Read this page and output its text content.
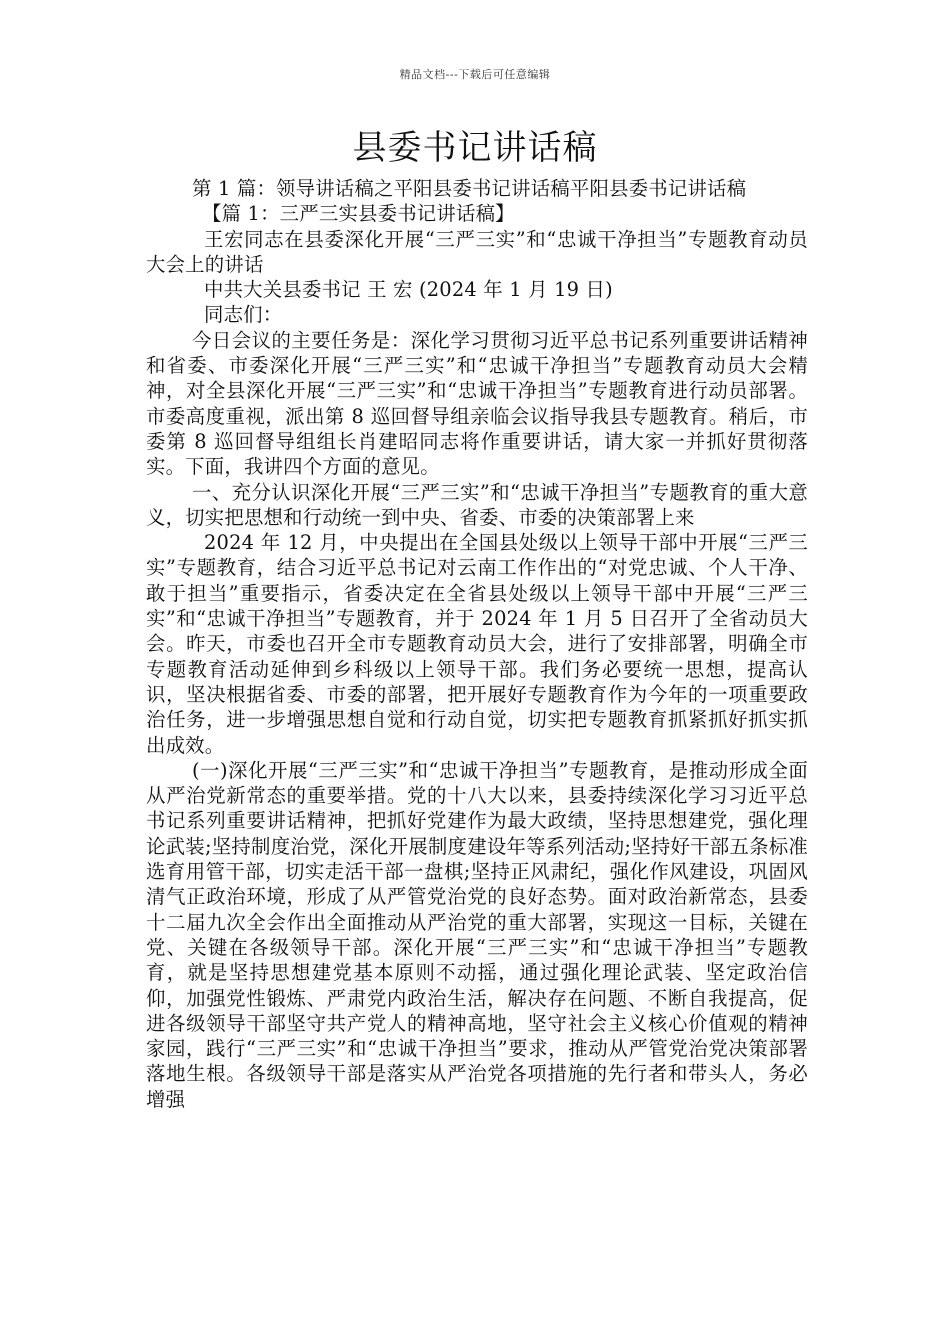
精品文档---下载后可任意编辑
县委书记讲话稿

第 1 篇：领导讲话稿之平阳县委书记讲话稿平阳县委书记讲话稿

【篇 1：三严三实县委书记讲话稿】

王宏同志在县委深化开展“三严三实”和“忠诚干净担当”专题教育动员大会上的讲话

中共大关县委书记 王 宏 (2024 年 1 月 19 日)

同志们：

今日会议的主要任务是：深化学习贯彻习近平总书记系列重要讲话精神和省委、市委深化开展“三严三实”和“忠诚干净担当”专题教育动员大会精神，对全县深化开展“三严三实”和“忠诚干净担当”专题教育进行动员部署。市委高度重视，派出第 8 巡回督导组亲临会议指导我县专题教育。稍后，市委第 8 巡回督导组组长肖建昭同志将作重要讲话，请大家一并抓好贯彻落实。下面，我讲四个方面的意见。

一、充分认识深化开展“三严三实”和“忠诚干净担当”专题教育的重大意义，切实把思想和行动统一到中央、省委、市委的决策部署上来

2024 年 12 月，中央提出在全国县处级以上领导干部中开展“三严三实”专题教育，结合习近平总书记对云南工作作出的“对党忠诚、个人干净、敢于担当”重要指示，省委决定在全省县处级以上领导干部中开展“三严三实”和“忠诚干净担当”专题教育，并于 2024 年 1 月 5 日召开了全省动员大会。昨天，市委也召开全市专题教育动员大会，进行了安排部署，明确全市专题教育活动延伸到乡科级以上领导干部。我们务必要统一思想，提高认识，坚决根据省委、市委的部署，把开展好专题教育作为今年的一项重要政治任务，进一步增强思想自觉和行动自觉，切实把专题教育抓紧抓好抓实抓出成效。

(一)深化开展“三严三实”和“忠诚干净担当”专题教育，是推动形成全面从严治党新常态的重要举措。党的十八大以来，县委持续深化学习习近平总书记系列重要讲话精神，把抓好党建作为最大政绩，坚持思想建党，强化理论武装;坚持制度治党，深化开展制度建设年等系列活动;坚持好干部五条标准选育用管干部，切实走活干部一盘棋;坚持正风肃纪，强化作风建设，巩固风清气正政治环境，形成了从严管党治党的良好态势。面对政治新常态，县委十二届九次全会作出全面推动从严治党的重大部署，实现这一目标，关键在党、关键在各级领导干部。深化开展“三严三实”和“忠诚干净担当”专题教育，就是坚持思想建党基本原则不动摇，通过强化理论武装、坚定政治信仰，加强党性锻炼、严肃党内政治生活，解决存在问题、不断自我提高，促进各级领导干部坚守共产党人的精神高地，坚守社会主义核心价值观的精神家园，践行“三严三实”和“忠诚干净担当”要求，推动从严管党治党决策部署落地生根。各级领导干部是落实从严治党各项措施的先行者和带头人，务必增强
